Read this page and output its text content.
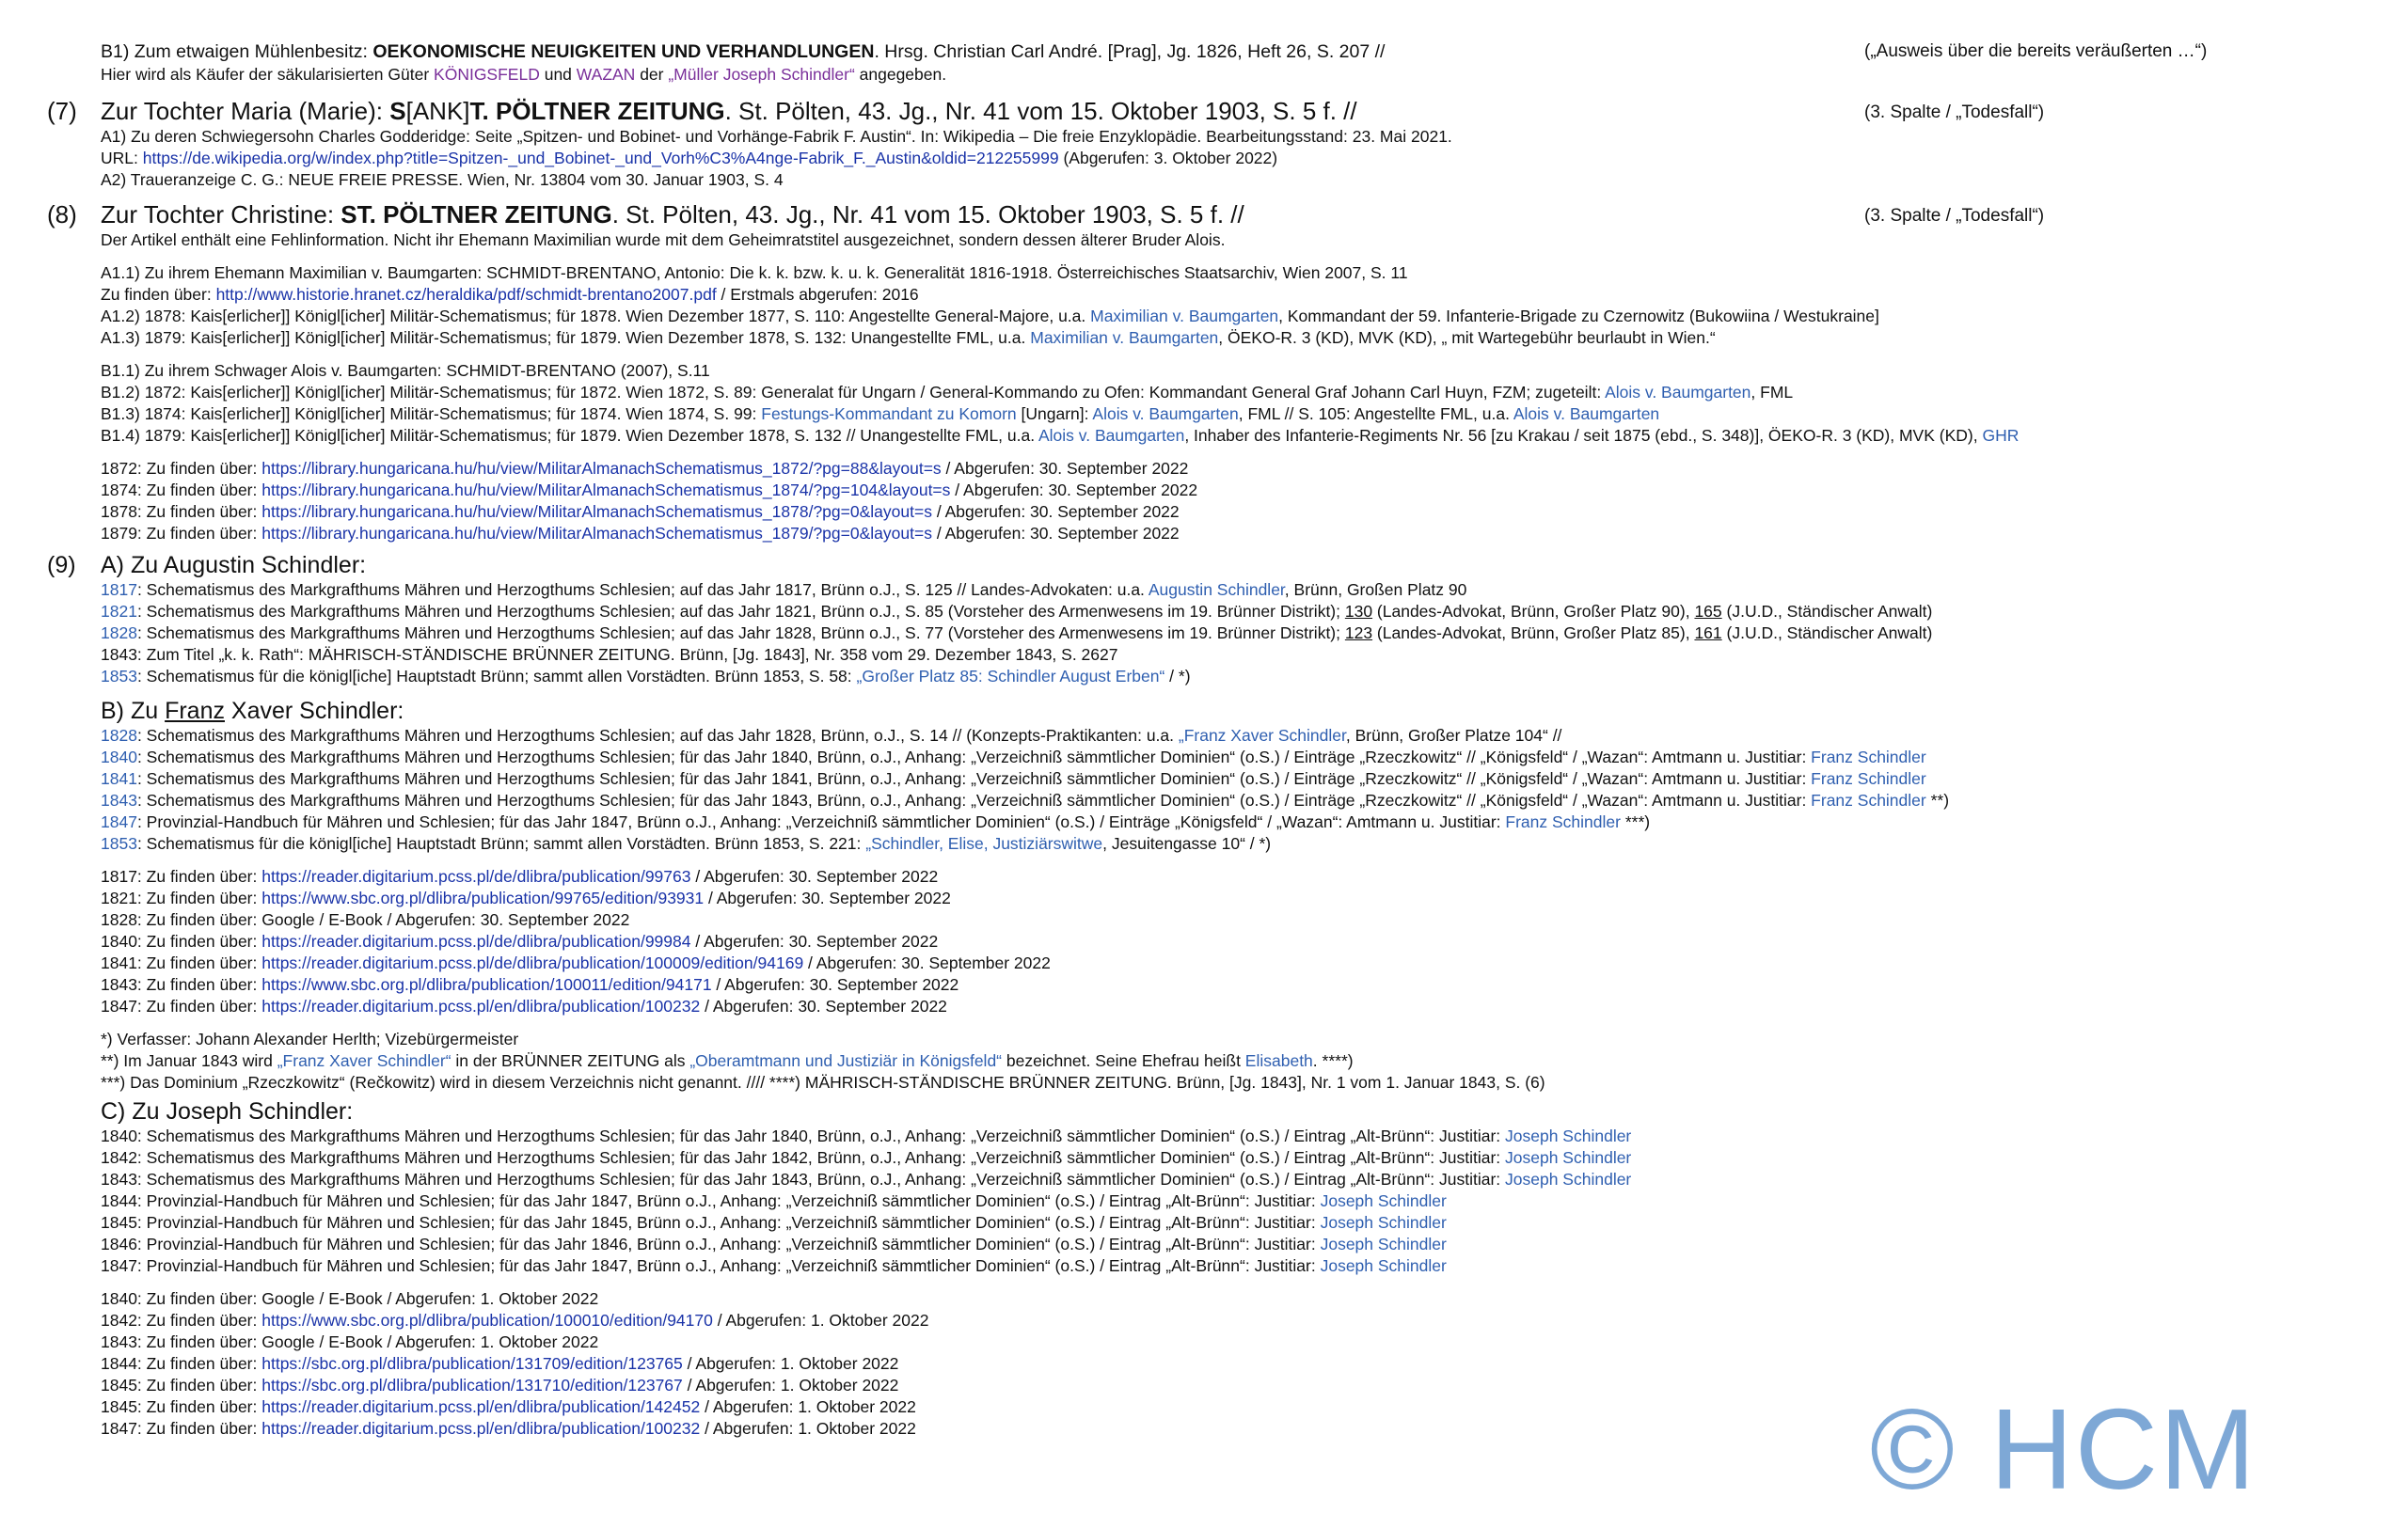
B1) Zum etwaigen Mühlenbesitz: OEKONOMISCHE NEUIGKEITEN UND VERHANDLUNGEN. Hrsg. Christian Carl André. [Prag], Jg. 1826, Heft 26, S. 207 //	(„Ausweis über die bereits veräußerten …“)
Hier wird als Käufer der säkularisierten Güter KÖNIGSFELD und WAZAN der „Müller Joseph Schindler“ angegeben.
(7) Zur Tochter Maria (Marie): S[ANK]T. PÖLTNER ZEITUNG. St. Pölten, 43. Jg., Nr. 41 vom 15. Oktober 1903, S. 5 f. //	(3. Spalte / „Todesfall“)
A1) Zu deren Schwiegersohn Charles Godderidge: Seite „Spitzen- und Bobinet- und Vorhänge-Fabrik F. Austin“. In: Wikipedia – Die freie Enzyklopädie. Bearbeitungsstand: 23. Mai 2021.
URL: https://de.wikipedia.org/w/index.php?title=Spitzen-_und_Bobinet-_und_Vorh%C3%A4nge-Fabrik_F._Austin&oldid=212255999 (Abgerufen: 3. Oktober 2022)
A2) Traueranzeige C. G.: NEUE FREIE PRESSE. Wien, Nr. 13804 vom 30. Januar 1903, S. 4
(8) Zur Tochter Christine: ST. PÖLTNER ZEITUNG. St. Pölten, 43. Jg., Nr. 41 vom 15. Oktober 1903, S. 5 f. //	(3. Spalte / „Todesfall“)
Der Artikel enthält eine Fehlinformation. Nicht ihr Ehemann Maximilian wurde mit dem Geheimratstitel ausgezeichnet, sondern dessen älterer Bruder Alois.
A1.1) Zu ihrem Ehemann Maximilian v. Baumgarten: SCHMIDT-BRENTANO, Antonio: Die k. k. bzw. k. u. k. Generalität 1816-1918. Österreichisches Staatsarchiv, Wien 2007, S. 11
Zu finden über: http://www.historie.hranet.cz/heraldika/pdf/schmidt-brentano2007.pdf / Erstmals abgerufen: 2016
A1.2) 1878: Kais[erlicher]] Königl[icher] Militär-Schematismus; für 1878. Wien Dezember 1877, S. 110: Angestellte General-Majore, u.a. Maximilian v. Baumgarten, Kommandant der 59. Infanterie-Brigade zu Czernowitz (Bukowiina / Westukraine]
A1.3) 1879: Kais[erlicher]] Königl[icher] Militär-Schematismus; für 1879. Wien Dezember 1878, S. 132: Unangestellte FML, u.a. Maximilian v. Baumgarten, ÖEKO-R. 3 (KD), MVK (KD), „ mit Wartegebühr beurlaubt in Wien.“
B1.1) Zu ihrem Schwager Alois v. Baumgarten: SCHMIDT-BRENTANO (2007), S.11
B1.2) 1872: Kais[erlicher]] Königl[icher] Militär-Schematismus; für 1872. Wien 1872, S. 89: Generalat für Ungarn / General-Kommando zu Ofen: Kommandant General Graf Johann Carl Huyn, FZM; zugeteilt: Alois v. Baumgarten, FML
B1.3) 1874: Kais[erlicher]] Königl[icher] Militär-Schematismus; für 1874. Wien 1874, S. 99: Festungs-Kommandant zu Komorn [Ungarn]: Alois v. Baumgarten, FML // S. 105: Angestellte FML, u.a. Alois v. Baumgarten
B1.4) 1879: Kais[erlicher]] Königl[icher] Militär-Schematismus; für 1879. Wien Dezember 1878, S. 132 // Unangestellte FML, u.a. Alois v. Baumgarten, Inhaber des Infanterie-Regiments Nr. 56 [zu Krakau / seit 1875 (ebd., S. 348)], ÖEKO-R. 3 (KD), MVK (KD), GHR
1872: Zu finden über: https://library.hungaricana.hu/hu/view/MilitarAlmanachSchematismus_1872/?pg=88&layout=s / Abgerufen: 30. September 2022
1874: Zu finden über: https://library.hungaricana.hu/hu/view/MilitarAlmanachSchematismus_1874/?pg=104&layout=s / Abgerufen: 30. September 2022
1878: Zu finden über: https://library.hungaricana.hu/hu/view/MilitarAlmanachSchematismus_1878/?pg=0&layout=s / Abgerufen: 30. September 2022
1879: Zu finden über: https://library.hungaricana.hu/hu/view/MilitarAlmanachSchematismus_1879/?pg=0&layout=s / Abgerufen: 30. September 2022
(9) A) Zu Augustin Schindler:
1817: Schematismus des Markgrafthums Mähren und Herzogthums Schlesien; auf das Jahr 1817, Brünn o.J., S. 125 // Landes-Advokaten: u.a. Augustin Schindler, Brünn, Großen Platz 90
1821: Schematismus des Markgrafthums Mähren und Herzogthums Schlesien; auf das Jahr 1821, Brünn o.J., S. 85 (Vorsteher des Armenwesens im 19. Brünner Distrikt); 130 (Landes-Advokat, Brünn, Großer Platz 90), 165 (J.U.D., Ständischer Anwalt)
1828: Schematismus des Markgrafthums Mähren und Herzogthums Schlesien; auf das Jahr 1828, Brünn o.J., S. 77 (Vorsteher des Armenwesens im 19. Brünner Distrikt); 123 (Landes-Advokat, Brünn, Großer Platz 85), 161 (J.U.D., Ständischer Anwalt)
1843: Zum Titel „k. k. Rath“: MÄHRISCH-STÄNDISCHE BRÜNNER ZEITUNG. Brünn, [Jg. 1843], Nr. 358 vom 29. Dezember 1843, S. 2627
1853: Schematismus für die königl[iche] Hauptstadt Brünn; sammt allen Vorstädten. Brünn 1853, S. 58: „Großer Platz 85: Schindler August Erben“ / *)
B) Zu Franz Xaver Schindler:
1828: Schematismus des Markgrafthums Mähren und Herzogthums Schlesien; auf das Jahr 1828, Brünn, o.J., S. 14 // (Konzepts-Praktikanten: u.a. „Franz Xaver Schindler, Brünn, Großer Platze 104“ //
1840: Schematismus des Markgrafthums Mähren und Herzogthums Schlesien; für das Jahr 1840, Brünn, o.J., Anhang: „Verzeichniß sämmtlicher Dominien“ (o.S.) / Einträge „Rzeczkowitz“ // „Königsfeld“ / „Wazan“: Amtmann u. Justitiar: Franz Schindler
1841: Schematismus des Markgrafthums Mähren und Herzogthums Schlesien; für das Jahr 1841, Brünn, o.J., Anhang: „Verzeichniß sämmtlicher Dominien“ (o.S.) / Einträge „Rzeczkowitz“ // „Königsfeld“ / „Wazan“: Amtmann u. Justitiar: Franz Schindler
1843: Schematismus des Markgrafthums Mähren und Herzogthums Schlesien; für das Jahr 1843, Brünn, o.J., Anhang: „Verzeichniß sämmtlicher Dominien“ (o.S.) / Einträge „Rzeczkowitz“ // „Königsfeld“ / „Wazan“: Amtmann u. Justitiar: Franz Schindler **)
1847: Provinzial-Handbuch für Mähren und Schlesien; für das Jahr 1847, Brünn o.J., Anhang: „Verzeichniß sämmtlicher Dominien“ (o.S.) / Einträge „Königsfeld“ / „Wazan“: Amtmann u. Justitiar: Franz Schindler ***)
1853: Schematismus für die königl[iche] Hauptstadt Brünn; sammt allen Vorstädten. Brünn 1853, S. 221: „Schindler, Elise, Justiziärswitwe, Jesuitengasse 10“ / *)
1817: Zu finden über: https://reader.digitarium.pcss.pl/de/dlibra/publication/99763 / Abgerufen: 30. September 2022
1821: Zu finden über: https://www.sbc.org.pl/dlibra/publication/99765/edition/93931 / Abgerufen: 30. September 2022
1828: Zu finden über: Google / E-Book / Abgerufen: 30. September 2022
1840: Zu finden über: https://reader.digitarium.pcss.pl/de/dlibra/publication/99984 / Abgerufen: 30. September 2022
1841: Zu finden über: https://reader.digitarium.pcss.pl/de/dlibra/publication/100009/edition/94169 / Abgerufen: 30. September 2022
1843: Zu finden über: https://www.sbc.org.pl/dlibra/publication/100011/edition/94171 / Abgerufen: 30. September 2022
1847: Zu finden über: https://reader.digitarium.pcss.pl/en/dlibra/publication/100232 / Abgerufen: 30. September 2022
*) Verfasser: Johann Alexander Herlth; Vizebürgermeister
**) Im Januar 1843 wird „Franz Xaver Schindler“ in der BRÜNNER ZEITUNG als „Oberamtmann und Justiziär in Königsfeld“ bezeichnet. Seine Ehefrau heißt Elisabeth. ****)
***) Das Dominium „Rzeczkowitz“ (Rečkowitz) wird in diesem Verzeichnis nicht genannt. //// ****) MÄHRISCH-STÄNDISCHE BRÜNNER ZEITUNG. Brünn, [Jg. 1843], Nr. 1 vom 1. Januar 1843, S. (6)
C) Zu Joseph Schindler:
1840: Schematismus des Markgrafthums Mähren und Herzogthums Schlesien; für das Jahr 1840, Brünn, o.J., Anhang: „Verzeichniß sämmtlicher Dominien“ (o.S.) / Eintrag „Alt-Brünn“: Justitiar: Joseph Schindler
1842: Schematismus des Markgrafthums Mähren und Herzogthums Schlesien; für das Jahr 1842, Brünn, o.J., Anhang: „Verzeichniß sämmtlicher Dominien“ (o.S.) / Eintrag „Alt-Brünn“: Justitiar: Joseph Schindler
1843: Schematismus des Markgrafthums Mähren und Herzogthums Schlesien; für das Jahr 1843, Brünn, o.J., Anhang: „Verzeichniß sämmtlicher Dominien“ (o.S.) / Eintrag „Alt-Brünn“: Justitiar: Joseph Schindler
1844: Provinzial-Handbuch für Mähren und Schlesien; für das Jahr 1847, Brünn o.J., Anhang: „Verzeichniß sämmtlicher Dominien“ (o.S.) / Eintrag „Alt-Brünn“: Justitiar: Joseph Schindler
1845: Provinzial-Handbuch für Mähren und Schlesien; für das Jahr 1845, Brünn o.J., Anhang: „Verzeichniß sämmtlicher Dominien“ (o.S.) / Eintrag „Alt-Brünn“: Justitiar: Joseph Schindler
1846: Provinzial-Handbuch für Mähren und Schlesien; für das Jahr 1846, Brünn o.J., Anhang: „Verzeichniß sämmtlicher Dominien“ (o.S.) / Eintrag „Alt-Brünn“: Justitiar: Joseph Schindler
1847: Provinzial-Handbuch für Mähren und Schlesien; für das Jahr 1847, Brünn o.J., Anhang: „Verzeichniß sämmtlicher Dominien“ (o.S.) / Eintrag „Alt-Brünn“: Justitiar: Joseph Schindler
1840: Zu finden über: Google / E-Book / Abgerufen: 1. Oktober 2022
1842: Zu finden über: https://www.sbc.org.pl/dlibra/publication/100010/edition/94170 / Abgerufen: 1. Oktober 2022
1843: Zu finden über: Google / E-Book / Abgerufen: 1. Oktober 2022
1844: Zu finden über: https://sbc.org.pl/dlibra/publication/131709/edition/123765 / Abgerufen: 1. Oktober 2022
1845: Zu finden über: https://sbc.org.pl/dlibra/publication/131710/edition/123767 / Abgerufen: 1. Oktober 2022
1845: Zu finden über: https://reader.digitarium.pcss.pl/en/dlibra/publication/142452 / Abgerufen: 1. Oktober 2022
1847: Zu finden über: https://reader.digitarium.pcss.pl/en/dlibra/publication/100232 / Abgerufen: 1. Oktober 2022	© HCM
